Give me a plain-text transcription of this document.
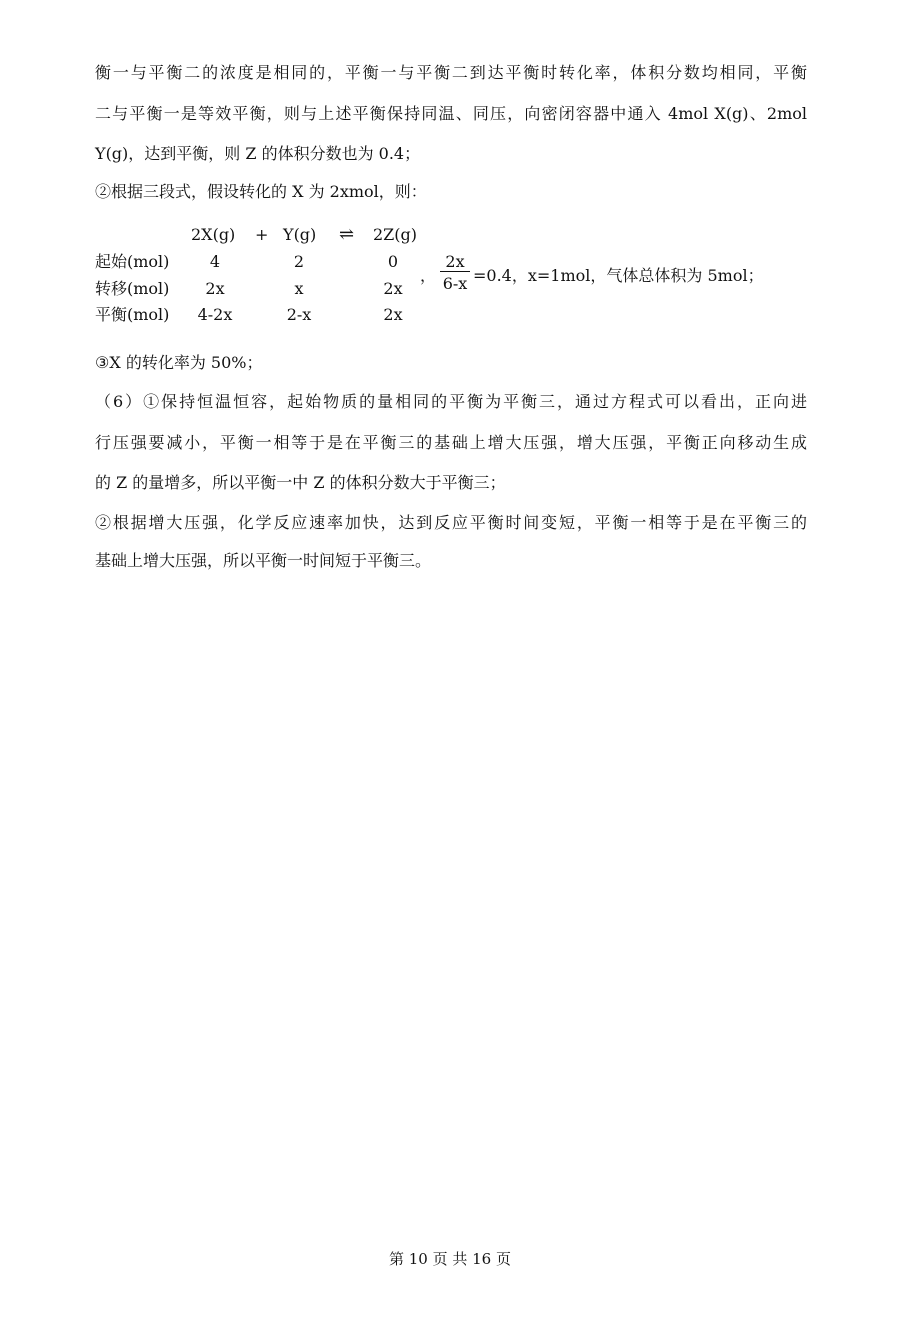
衡一与平衡二的浓度是相同的，平衡一与平衡二到达平衡时转化率，体积分数均相同，平衡
二与平衡一是等效平衡，则与上述平衡保持同温、同压，向密闭容器中通入 4mol X(g)、2mol
Y(g)，达到平衡，则 Z 的体积分数也为 0.4；
②根据三段式，假设转化的 X 为 2xmol，则：
2X(g) + Y(g) ⇌ 2Z(g)
起始(mol)	4	2	0
转移(mol)	2x	x	2x
平衡(mol)	4-2x	2-x	2x
，
2x
6-x =0.4，x=1mol，气体总体积为 5mol；
③X 的转化率为 50%；
（6）①保持恒温恒容，起始物质的量相同的平衡为平衡三，通过方程式可以看出，正向进
行压强要减小，平衡一相等于是在平衡三的基础上增大压强，增大压强，平衡正向移动生成
的 Z 的量增多，所以平衡一中 Z 的体积分数大于平衡三；
②根据增大压强，化学反应速率加快，达到反应平衡时间变短，平衡一相等于是在平衡三的
基础上增大压强，所以平衡一时间短于平衡三。
第 10 页 共 16 页
